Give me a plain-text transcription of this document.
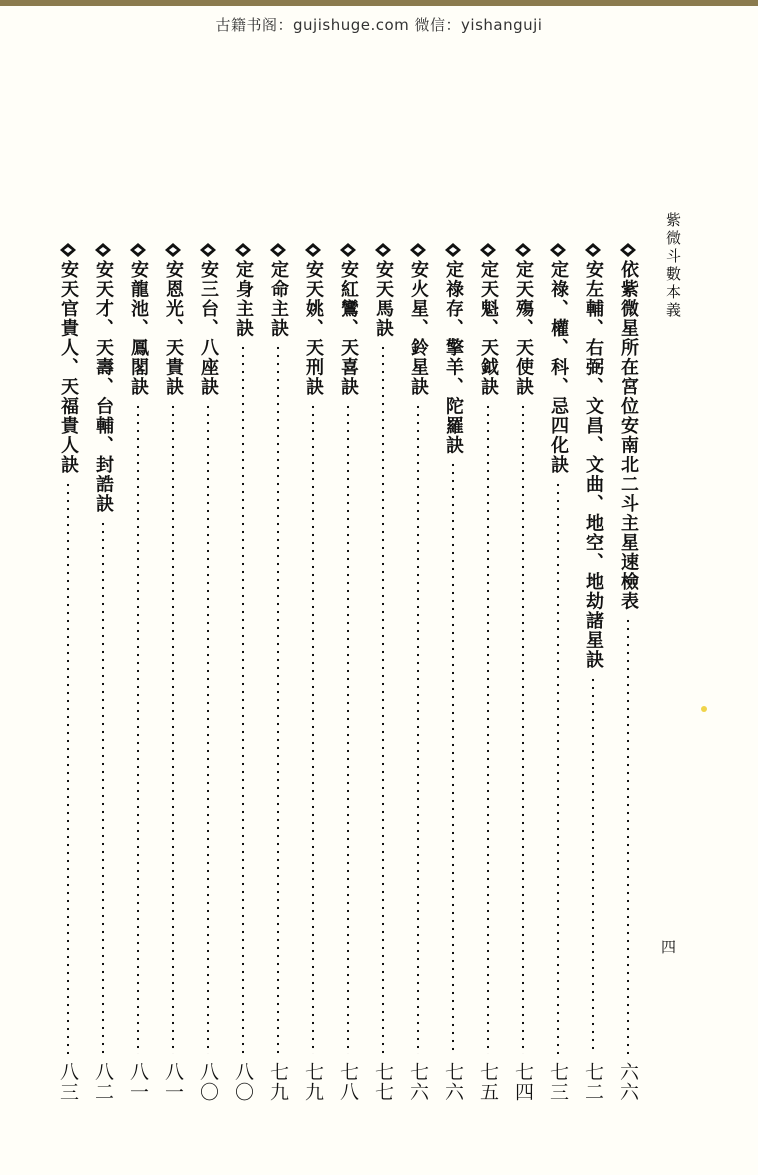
古籍书阁：gujishuge.com 微信：yishanguji
紫微斗數本義
四
依紫微星所在宮位安南北二斗主星速檢表
六六
安左輔、右弼、文昌、文曲、地空、地劫諸星訣
七二
定祿、權、科、忌四化訣
七三
定天殤、天使訣
七四
定天魁、天鉞訣
七五
定祿存、擎羊、陀羅訣
七六
安火星、鈴星訣
七六
安天馬訣
七七
安紅鸞、天喜訣
七八
安天姚、天刑訣
七九
定命主訣
七九
定身主訣
八〇
安三台、八座訣
八〇
安恩光、天貴訣
八一
安龍池、鳳閣訣
八一
安天才、天壽、台輔、封誥訣
八二
安天官貴人、天福貴人訣
八三
